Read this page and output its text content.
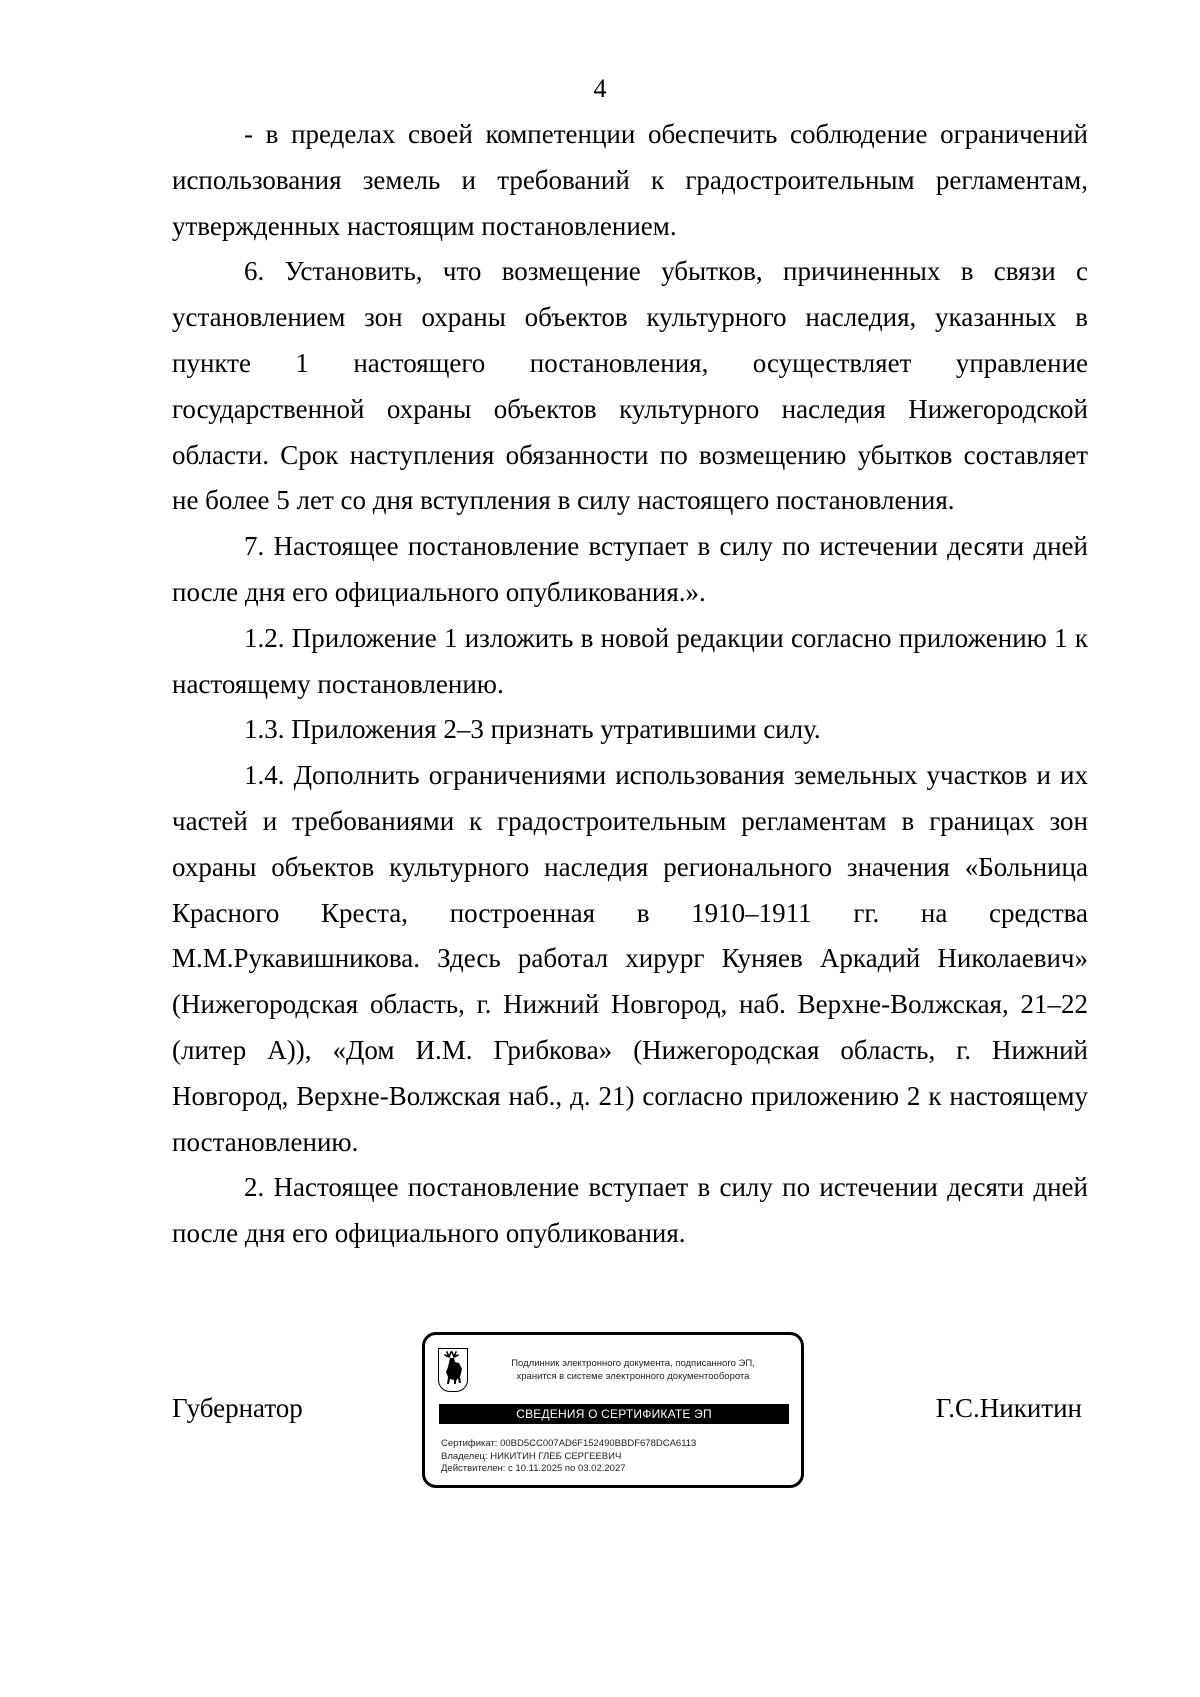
4

- в пределах своей компетенции обеспечить соблюдение ограничений использования земель и требований к градостроительным регламентам, утвержденных настоящим постановлением.

6. Установить, что возмещение убытков, причиненных в связи с установлением зон охраны объектов культурного наследия, указанных в пункте 1 настоящего постановления, осуществляет управление государственной охраны объектов культурного наследия Нижегородской области. Срок наступления обязанности по возмещению убытков составляет не более 5 лет со дня вступления в силу настоящего постановления.

7. Настоящее постановление вступает в силу по истечении десяти дней после дня его официального опубликования.».

1.2. Приложение 1 изложить в новой редакции согласно приложению 1 к настоящему постановлению.

1.3. Приложения 2–3 признать утратившими силу.

1.4. Дополнить ограничениями использования земельных участков и их частей и требованиями к градостроительным регламентам в границах зон охраны объектов культурного наследия регионального значения «Больница Красного Креста, построенная в 1910–1911 гг. на средства М.М.Рукавишникова. Здесь работал хирург Куняев Аркадий Николаевич» (Нижегородская область, г. Нижний Новгород, наб. Верхне-Волжская, 21–22 (литер А)), «Дом И.М. Грибкова» (Нижегородская область, г. Нижний Новгород, Верхне-Волжская наб., д. 21) согласно приложению 2 к настоящему постановлению.

2. Настоящее постановление вступает в силу по истечении десяти дней после дня его официального опубликования.

Губернатор	Г.С.Никитин
Подлинник электронного документа, подписанного ЭП,
хранится в системе электронного документооборота
СВЕДЕНИЯ О СЕРТИФИКАТЕ ЭП
Сертификат: 00BD5CC007AD6F152490BBDF678DCA6113
Владелец: НИКИТИН ГЛЕБ СЕРГЕЕВИЧ
Действителен: с 10.11.2025 по 03.02.2027
